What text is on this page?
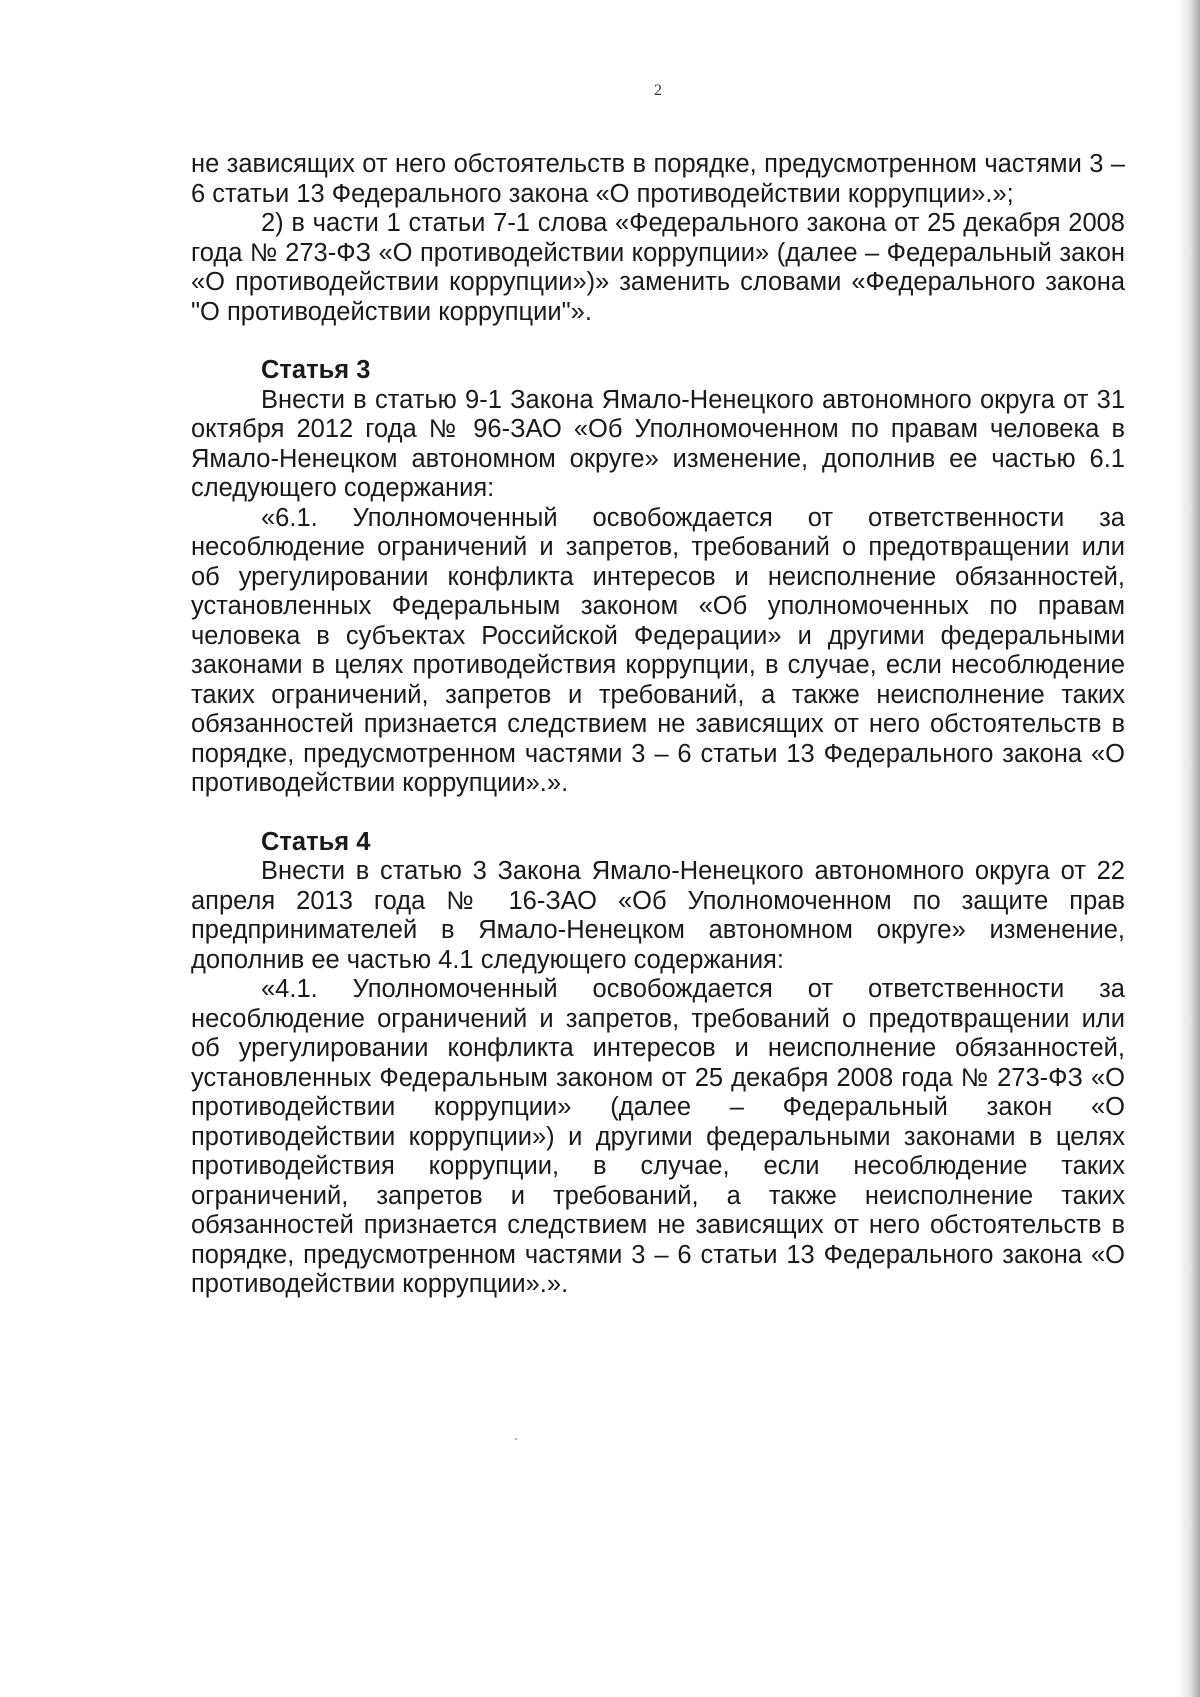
2

не зависящих от него обстоятельств в порядке, предусмотренном частями 3 – 6 статьи 13 Федерального закона «О противодействии коррупции».»;

2) в части 1 статьи 7-1 слова «Федерального закона от 25 декабря 2008 года № 273-ФЗ «О противодействии коррупции» (далее – Федеральный закон «О противодействии коррупции»)» заменить словами «Федерального закона "О противодействии коррупции"».

Статья 3

Внести в статью 9-1 Закона Ямало-Ненецкого автономного округа от 31 октября 2012 года № 96-ЗАО «Об Уполномоченном по правам человека в Ямало-Ненецком автономном округе» изменение, дополнив ее частью 6.1 следующего содержания:

«6.1. Уполномоченный освобождается от ответственности за несоблюдение ограничений и запретов, требований о предотвращении или об урегулировании конфликта интересов и неисполнение обязанностей, установленных Федеральным законом «Об уполномоченных по правам человека в субъектах Российской Федерации» и другими федеральными законами в целях противодействия коррупции, в случае, если несоблюдение таких ограничений, запретов и требований, а также неисполнение таких обязанностей признается следствием не зависящих от него обстоятельств в порядке, предусмотренном частями 3 – 6 статьи 13 Федерального закона «О противодействии коррупции».».

Статья 4

Внести в статью 3 Закона Ямало-Ненецкого автономного округа от 22 апреля 2013 года № 16-ЗАО «Об Уполномоченном по защите прав предпринимателей в Ямало-Ненецком автономном округе» изменение, дополнив ее частью 4.1 следующего содержания:

«4.1. Уполномоченный освобождается от ответственности за несоблюдение ограничений и запретов, требований о предотвращении или об урегулировании конфликта интересов и неисполнение обязанностей, установленных Федеральным законом от 25 декабря 2008 года № 273-ФЗ «О противодействии коррупции» (далее – Федеральный закон «О противодействии коррупции») и другими федеральными законами в целях противодействия коррупции, в случае, если несоблюдение таких ограничений, запретов и требований, а также неисполнение таких обязанностей признается следствием не зависящих от него обстоятельств в порядке, предусмотренном частями 3 – 6 статьи 13 Федерального закона «О противодействии коррупции».».
